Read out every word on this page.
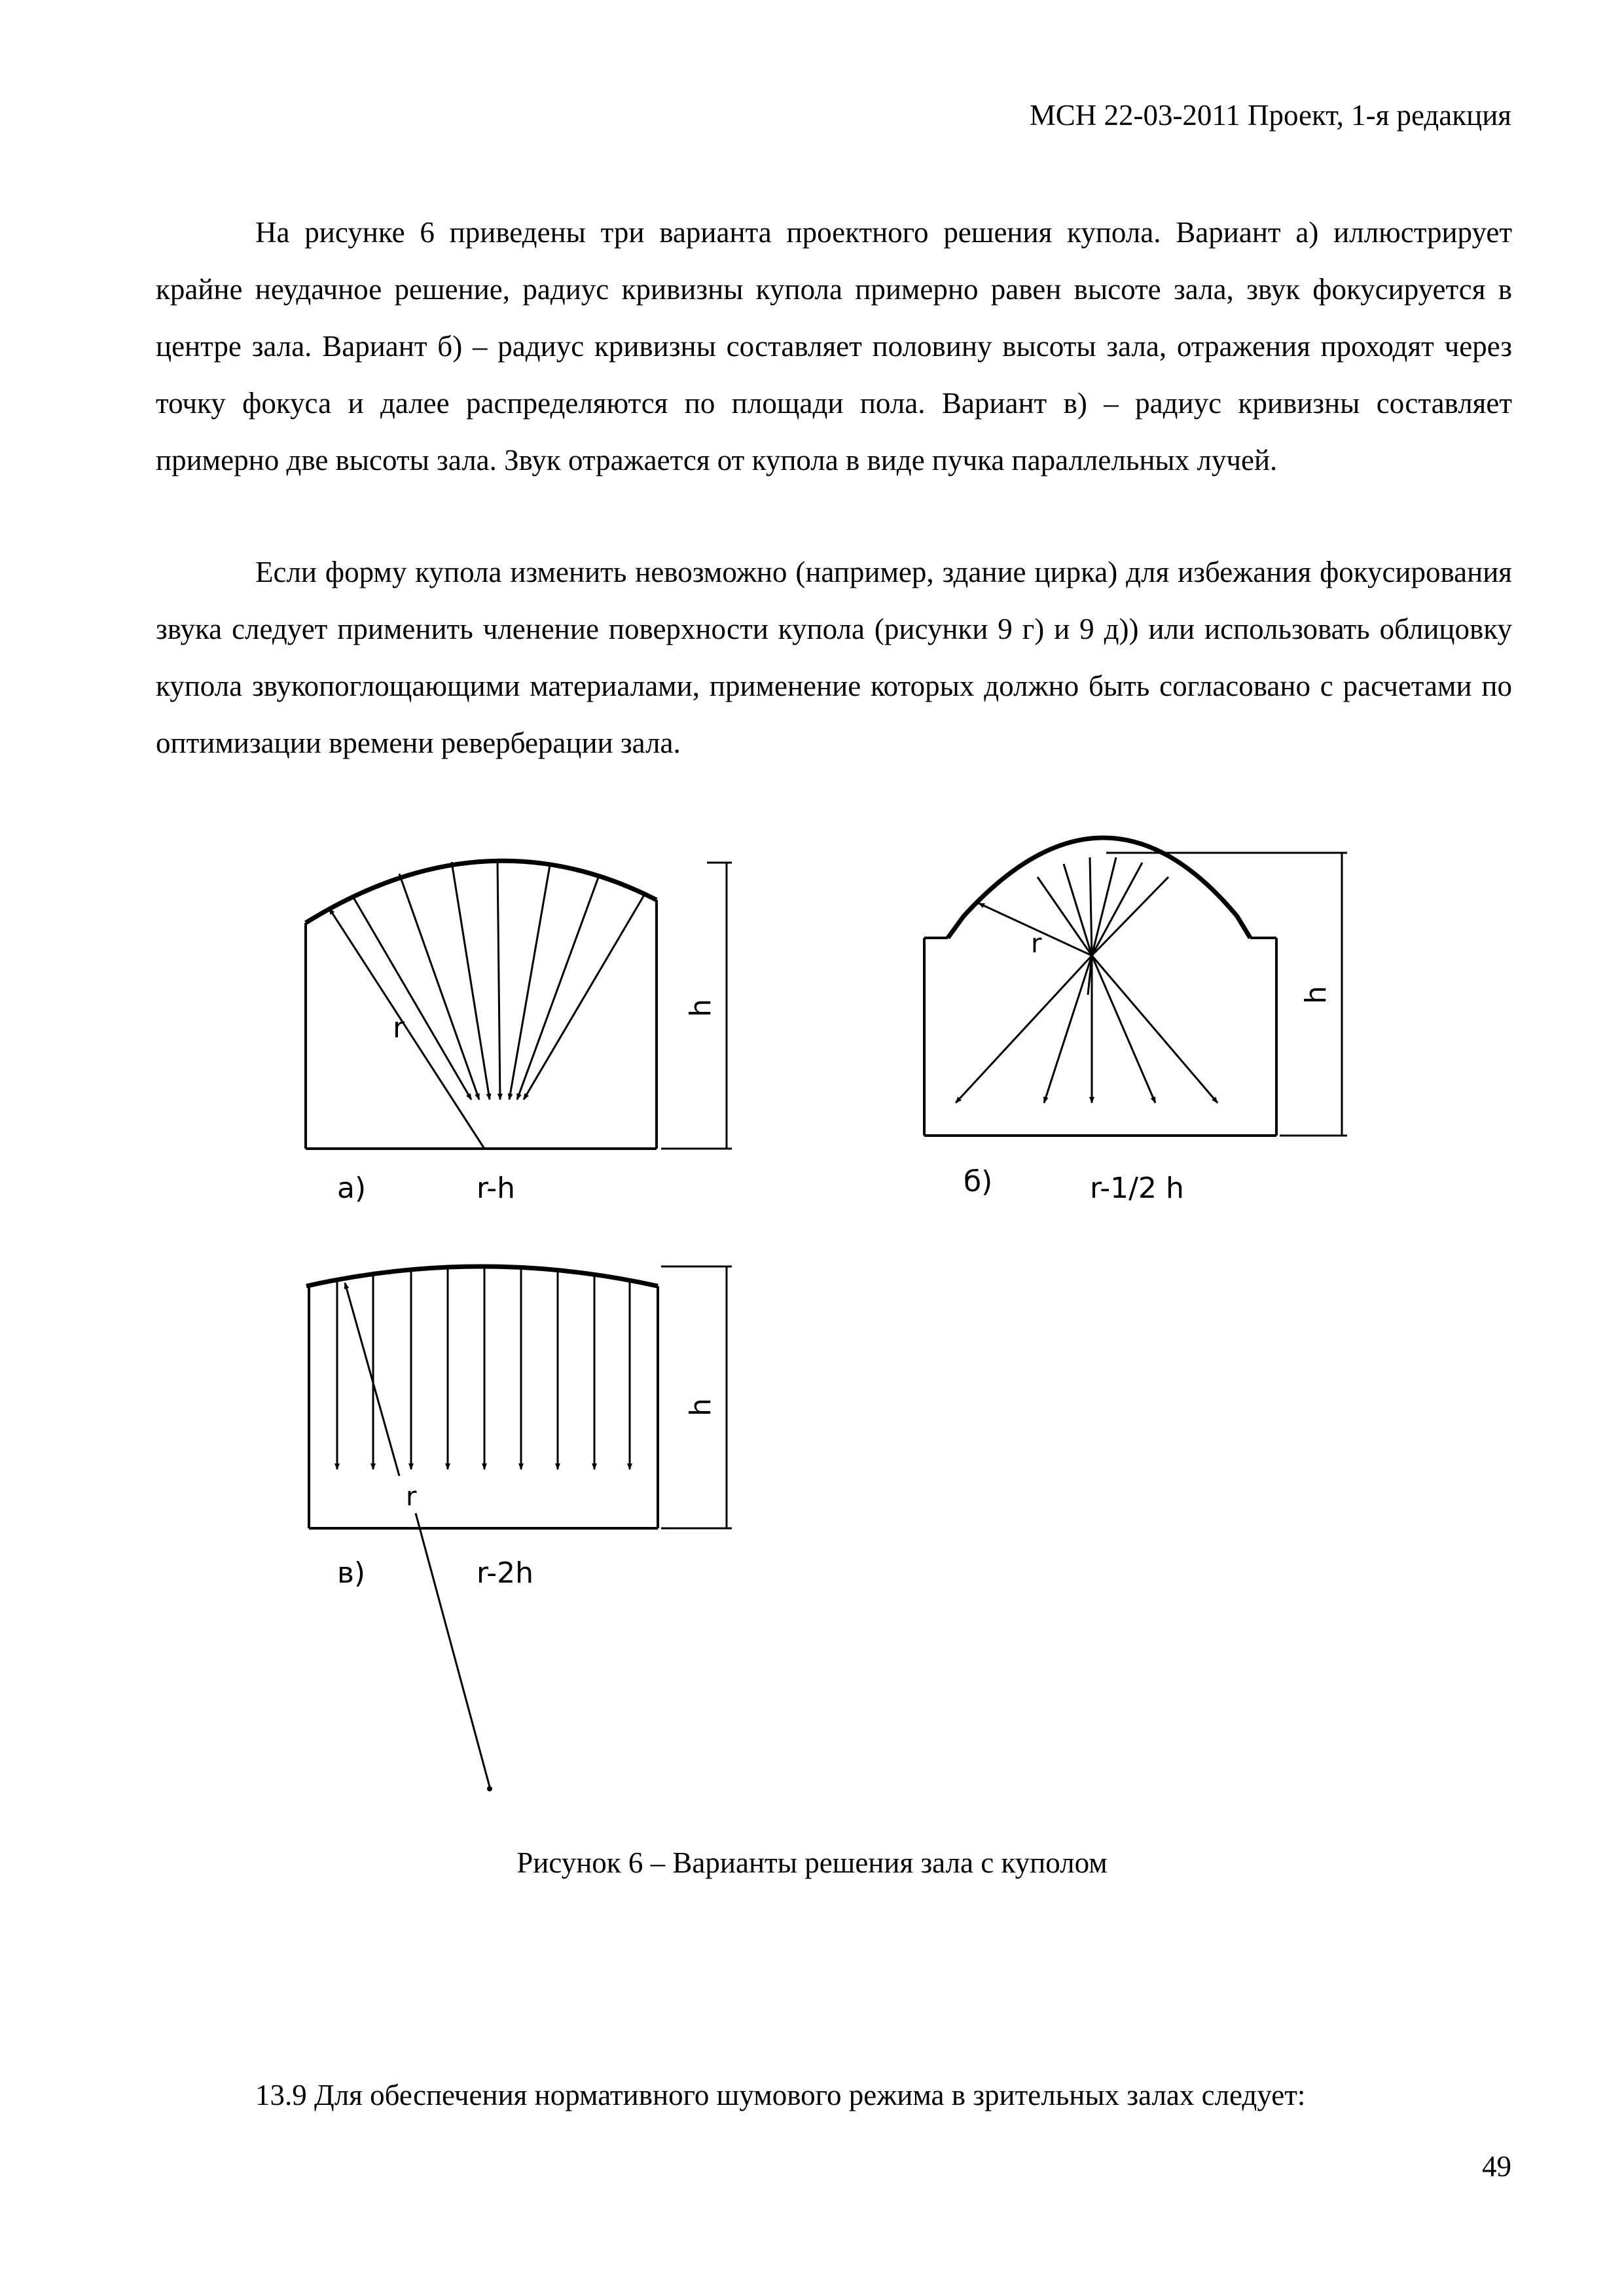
МСН 22-03-2011 Проект, 1-я редакция

На рисунке 6 приведены три варианта проектного решения купола. Вариант а) иллюстрирует крайне неудачное решение, радиус кривизны купола примерно равен высоте зала, звук фокусируется в центре зала. Вариант б) – радиус кривизны составляет половину высоты зала, отражения проходят через точку фокуса и далее распределяются по площади пола. Вариант в) – радиус кривизны составляет примерно две высоты зала. Звук отражается от купола в виде пучка параллельных лучей.

Если форму купола изменить невозможно (например, здание цирка) для избежания фокусирования звука следует применить членение поверхности купола (рисунки 9 г) и 9 д)) или использовать облицовку купола звукопоглощающими материалами, применение которых должно быть согласовано с расчетами по оптимизации времени реверберации зала.

r
h
а)	r-h
r
h
б)	r-1/2 h
r
h
в)	r-2h
Рисунок 6 – Варианты решения зала с куполом
13.9 Для обеспечения нормативного шумового режима в зрительных залах следует:
49
